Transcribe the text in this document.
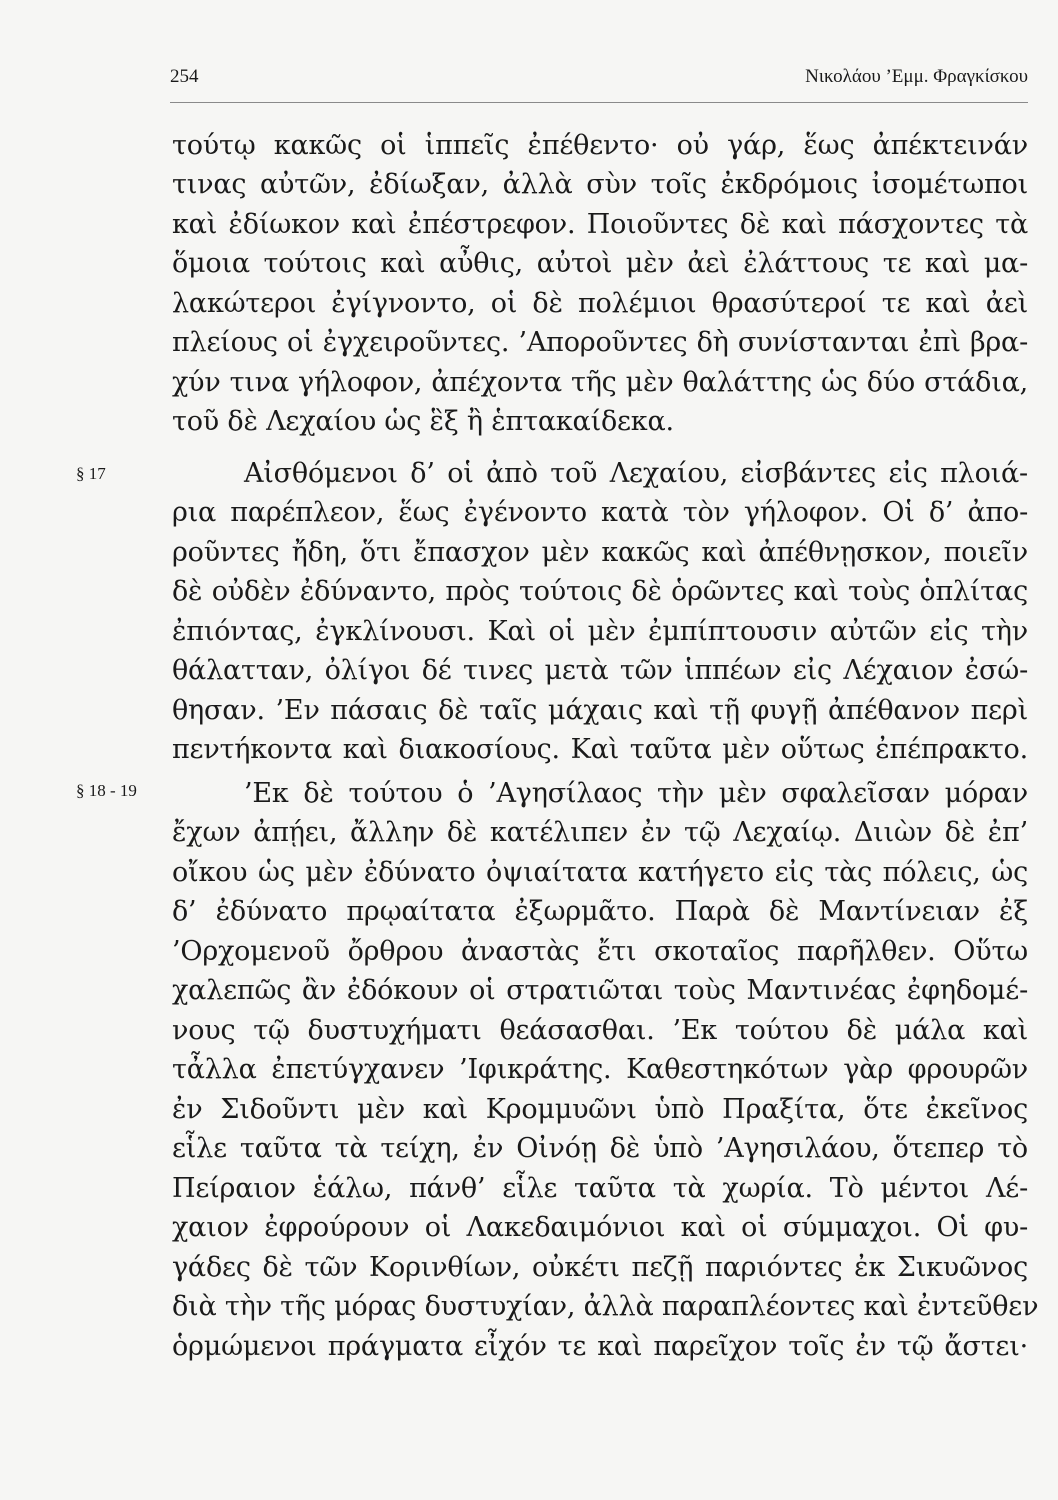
254	Νικολάου ’Εμμ. Φραγκίσκου
§ 17
§ 18 - 19
τούτῳ κακῶς οἱ ἱππεῖς ἐπέθεντο· οὐ γάρ, ἕως ἀπέκτεινάν
τινας αὐτῶν, ἐδίωξαν, ἀλλὰ σὺν τοῖς ἐκδρόμοις ἰσομέτωποι
καὶ ἐδίωκον καὶ ἐπέστρεφον. Ποιοῦντες δὲ καὶ πάσχοντες τὰ
ὅμοια τούτοις καὶ αὖθις, αὐτοὶ μὲν ἀεὶ ἐλάττους τε καὶ μα-
λακώτεροι ἐγίγνοντο, οἱ δὲ πολέμιοι θρασύτεροί τε καὶ ἀεὶ
πλείους οἱ ἐγχειροῦντες. ’Αποροῦντες δὴ συνίστανται ἐπὶ βρα-
χύν τινα γήλοφον, ἀπέχοντα τῆς μὲν θαλάττης ὡς δύο στάδια,
τοῦ δὲ Λεχαίου ὡς ἓξ ἢ ἑπτακαίδεκα.
Αἰσθόμενοι δ’ οἱ ἀπὸ τοῦ Λεχαίου, εἰσβάντες εἰς πλοιά-
ρια παρέπλεον, ἕως ἐγένοντο κατὰ τὸν γήλοφον. Οἱ δ’ ἀπο-
ροῦντες ἤδη, ὅτι ἔπασχον μὲν κακῶς καὶ ἀπέθνῃσκον, ποιεῖν
δὲ οὐδὲν ἐδύναντο, πρὸς τούτοις δὲ ὁρῶντες καὶ τοὺς ὁπλίτας
ἐπιόντας, ἐγκλίνουσι. Καὶ οἱ μὲν ἐμπίπτουσιν αὐτῶν εἰς τὴν
θάλατταν, ὀλίγοι δέ τινες μετὰ τῶν ἱππέων εἰς Λέχαιον ἐσώ-
θησαν. ’Εν πάσαις δὲ ταῖς μάχαις καὶ τῇ φυγῇ ἀπέθανον περὶ
πεντήκοντα καὶ διακοσίους. Καὶ ταῦτα μὲν οὕτως ἐπέπρακτο.
’Εκ δὲ τούτου ὁ ’Αγησίλαος τὴν μὲν σφαλεῖσαν μόραν
ἔχων ἀπῄει, ἄλλην δὲ κατέλιπεν ἐν τῷ Λεχαίῳ. Διιὼν δὲ ἐπ’
οἴκου ὡς μὲν ἐδύνατο ὀψιαίτατα κατήγετο εἰς τὰς πόλεις, ὡς
δ’ ἐδύνατο πρῳαίτατα ἐξωρμᾶτο. Παρὰ δὲ Μαντίνειαν ἐξ
’Ορχομενοῦ ὄρθρου ἀναστὰς ἔτι σκοταῖος παρῆλθεν. Οὕτω
χαλεπῶς ἂν ἐδόκουν οἱ στρατιῶται τοὺς Μαντινέας ἐφηδομέ-
νους τῷ δυστυχήματι θεάσασθαι. ’Εκ τούτου δὲ μάλα καὶ
τἆλλα ἐπετύγχανεν ’Ιφικράτης. Καθεστηκότων γὰρ φρουρῶν
ἐν Σιδοῦντι μὲν καὶ Κρομμυῶνι ὑπὸ Πραξίτα, ὅτε ἐκεῖνος
εἷλε ταῦτα τὰ τείχη, ἐν Οἰνόῃ δὲ ὑπὸ ’Αγησιλάου, ὅτεπερ τὸ
Πείραιον ἑάλω, πάνθ’ εἷλε ταῦτα τὰ χωρία. Τὸ μέντοι Λέ-
χαιον ἐφρούρουν οἱ Λακεδαιμόνιοι καὶ οἱ σύμμαχοι. Οἱ φυ-
γάδες δὲ τῶν Κορινθίων, οὐκέτι πεζῇ παριόντες ἐκ Σικυῶνος
διὰ τὴν τῆς μόρας δυστυχίαν, ἀλλὰ παραπλέοντες καὶ ἐντεῦθεν
ὁρμώμενοι πράγματα εἶχόν τε καὶ παρεῖχον τοῖς ἐν τῷ ἄστει·
